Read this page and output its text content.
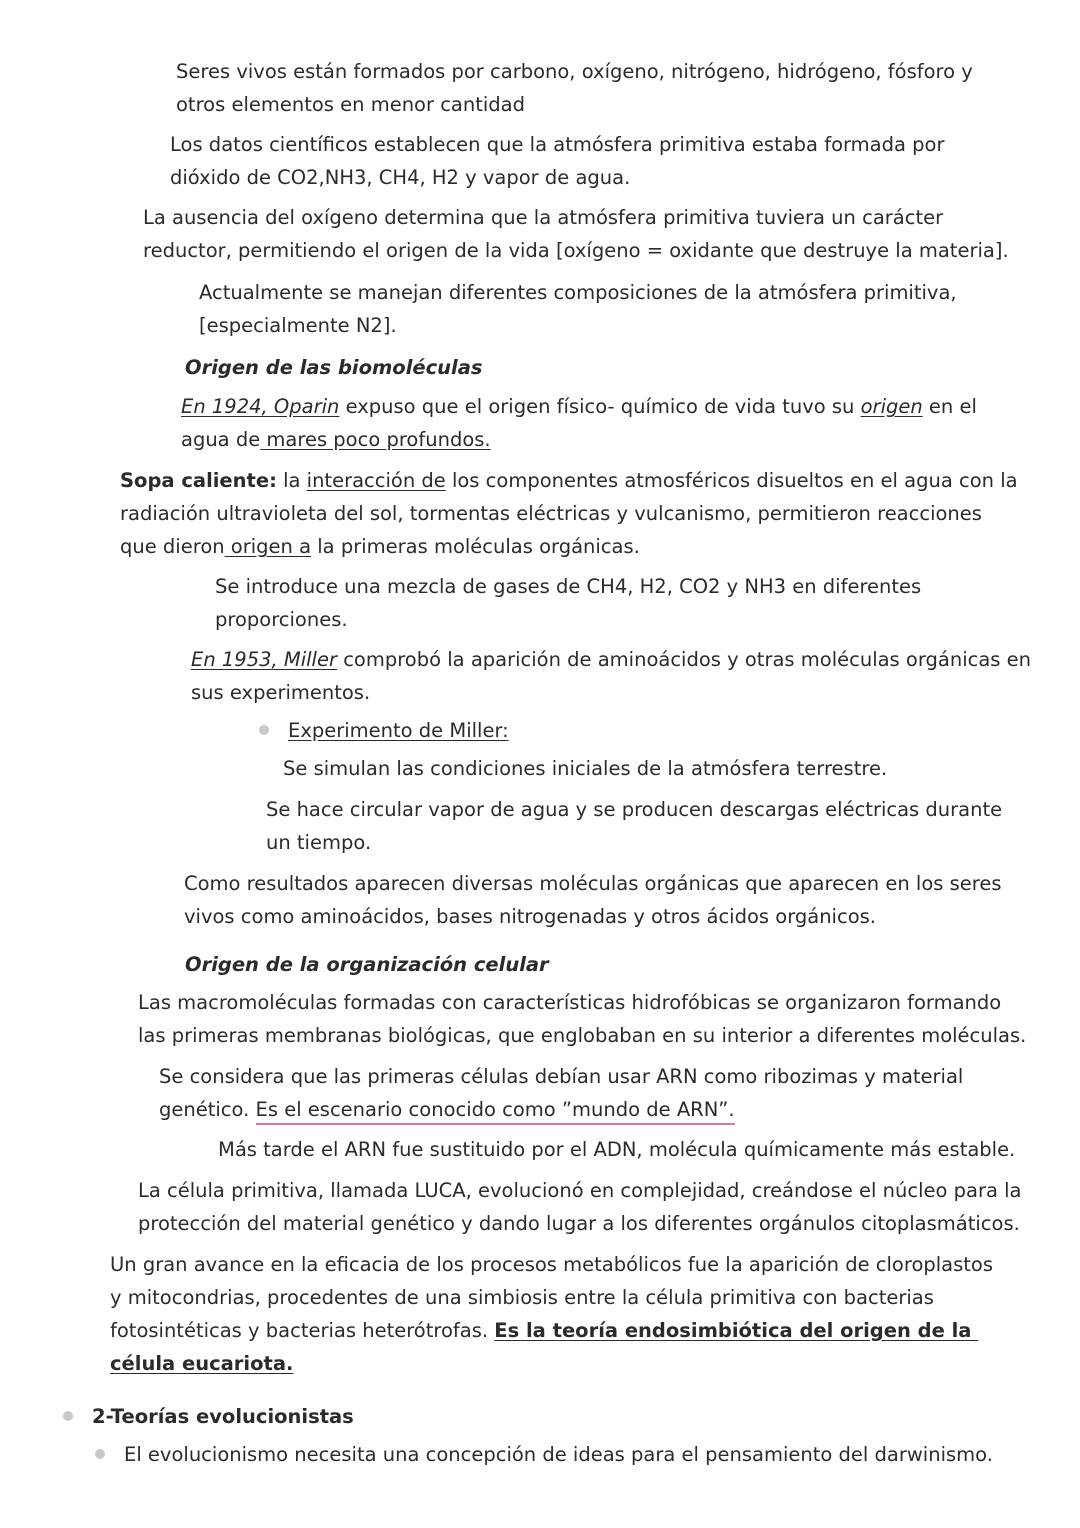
Seres vivos están formados por carbono, oxígeno, nitrógeno, hidrógeno, fósforo y otros elementos en menor cantidad
Los datos científicos establecen que la atmósfera primitiva estaba formada por dióxido de CO2,NH3, CH4, H2 y vapor de agua.
La ausencia del oxígeno determina que la atmósfera primitiva tuviera un carácter reductor, permitiendo el origen de la vida [oxígeno = oxidante que destruye la materia].
Actualmente se manejan diferentes composiciones de la atmósfera primitiva, [especialmente N2].
Origen de las biomoléculas
En 1924, Oparin expuso que el origen físico- químico de vida tuvo su origen en el agua de mares poco profundos.
Sopa caliente: la interacción de los componentes atmosféricos disueltos en el agua con la radiación ultravioleta del sol, tormentas eléctricas y vulcanismo, permitieron reacciones que dieron origen a la primeras moléculas orgánicas.
Se introduce una mezcla de gases de CH4, H2, CO2 y NH3 en diferentes proporciones.
En 1953, Miller comprobó la aparición de aminoácidos y otras moléculas orgánicas en sus experimentos.
Experimento de Miller:
Se simulan las condiciones iniciales de la atmósfera terrestre.
Se hace circular vapor de agua y se producen descargas eléctricas durante un tiempo.
Como resultados aparecen diversas moléculas orgánicas que aparecen en los seres vivos como aminoácidos, bases nitrogenadas y otros ácidos orgánicos.
Origen de la organización celular
Las macromoléculas formadas con características hidrofóbicas se organizaron formando las primeras membranas biológicas, que englobaban en su interior a diferentes moléculas.
Se considera que las primeras células debían usar ARN como ribozimas y material genético. Es el escenario conocido como ”mundo de ARN”.
Más tarde el ARN fue sustituido por el ADN, molécula químicamente más estable.
La célula primitiva, llamada LUCA, evolucionó en complejidad, creándose el núcleo para la protección del material genético y dando lugar a los diferentes orgánulos citoplasmáticos.
Un gran avance en la eficacia de los procesos metabólicos fue la aparición de cloroplastos y mitocondrias, procedentes de una simbiosis entre la célula primitiva con bacterias fotosintéticas y bacterias heterótrofas. Es la teoría endosimbiótica del origen de la célula eucariota.
2-Teorías evolucionistas
El evolucionismo necesita una concepción de ideas para el pensamiento del darwinismo.
